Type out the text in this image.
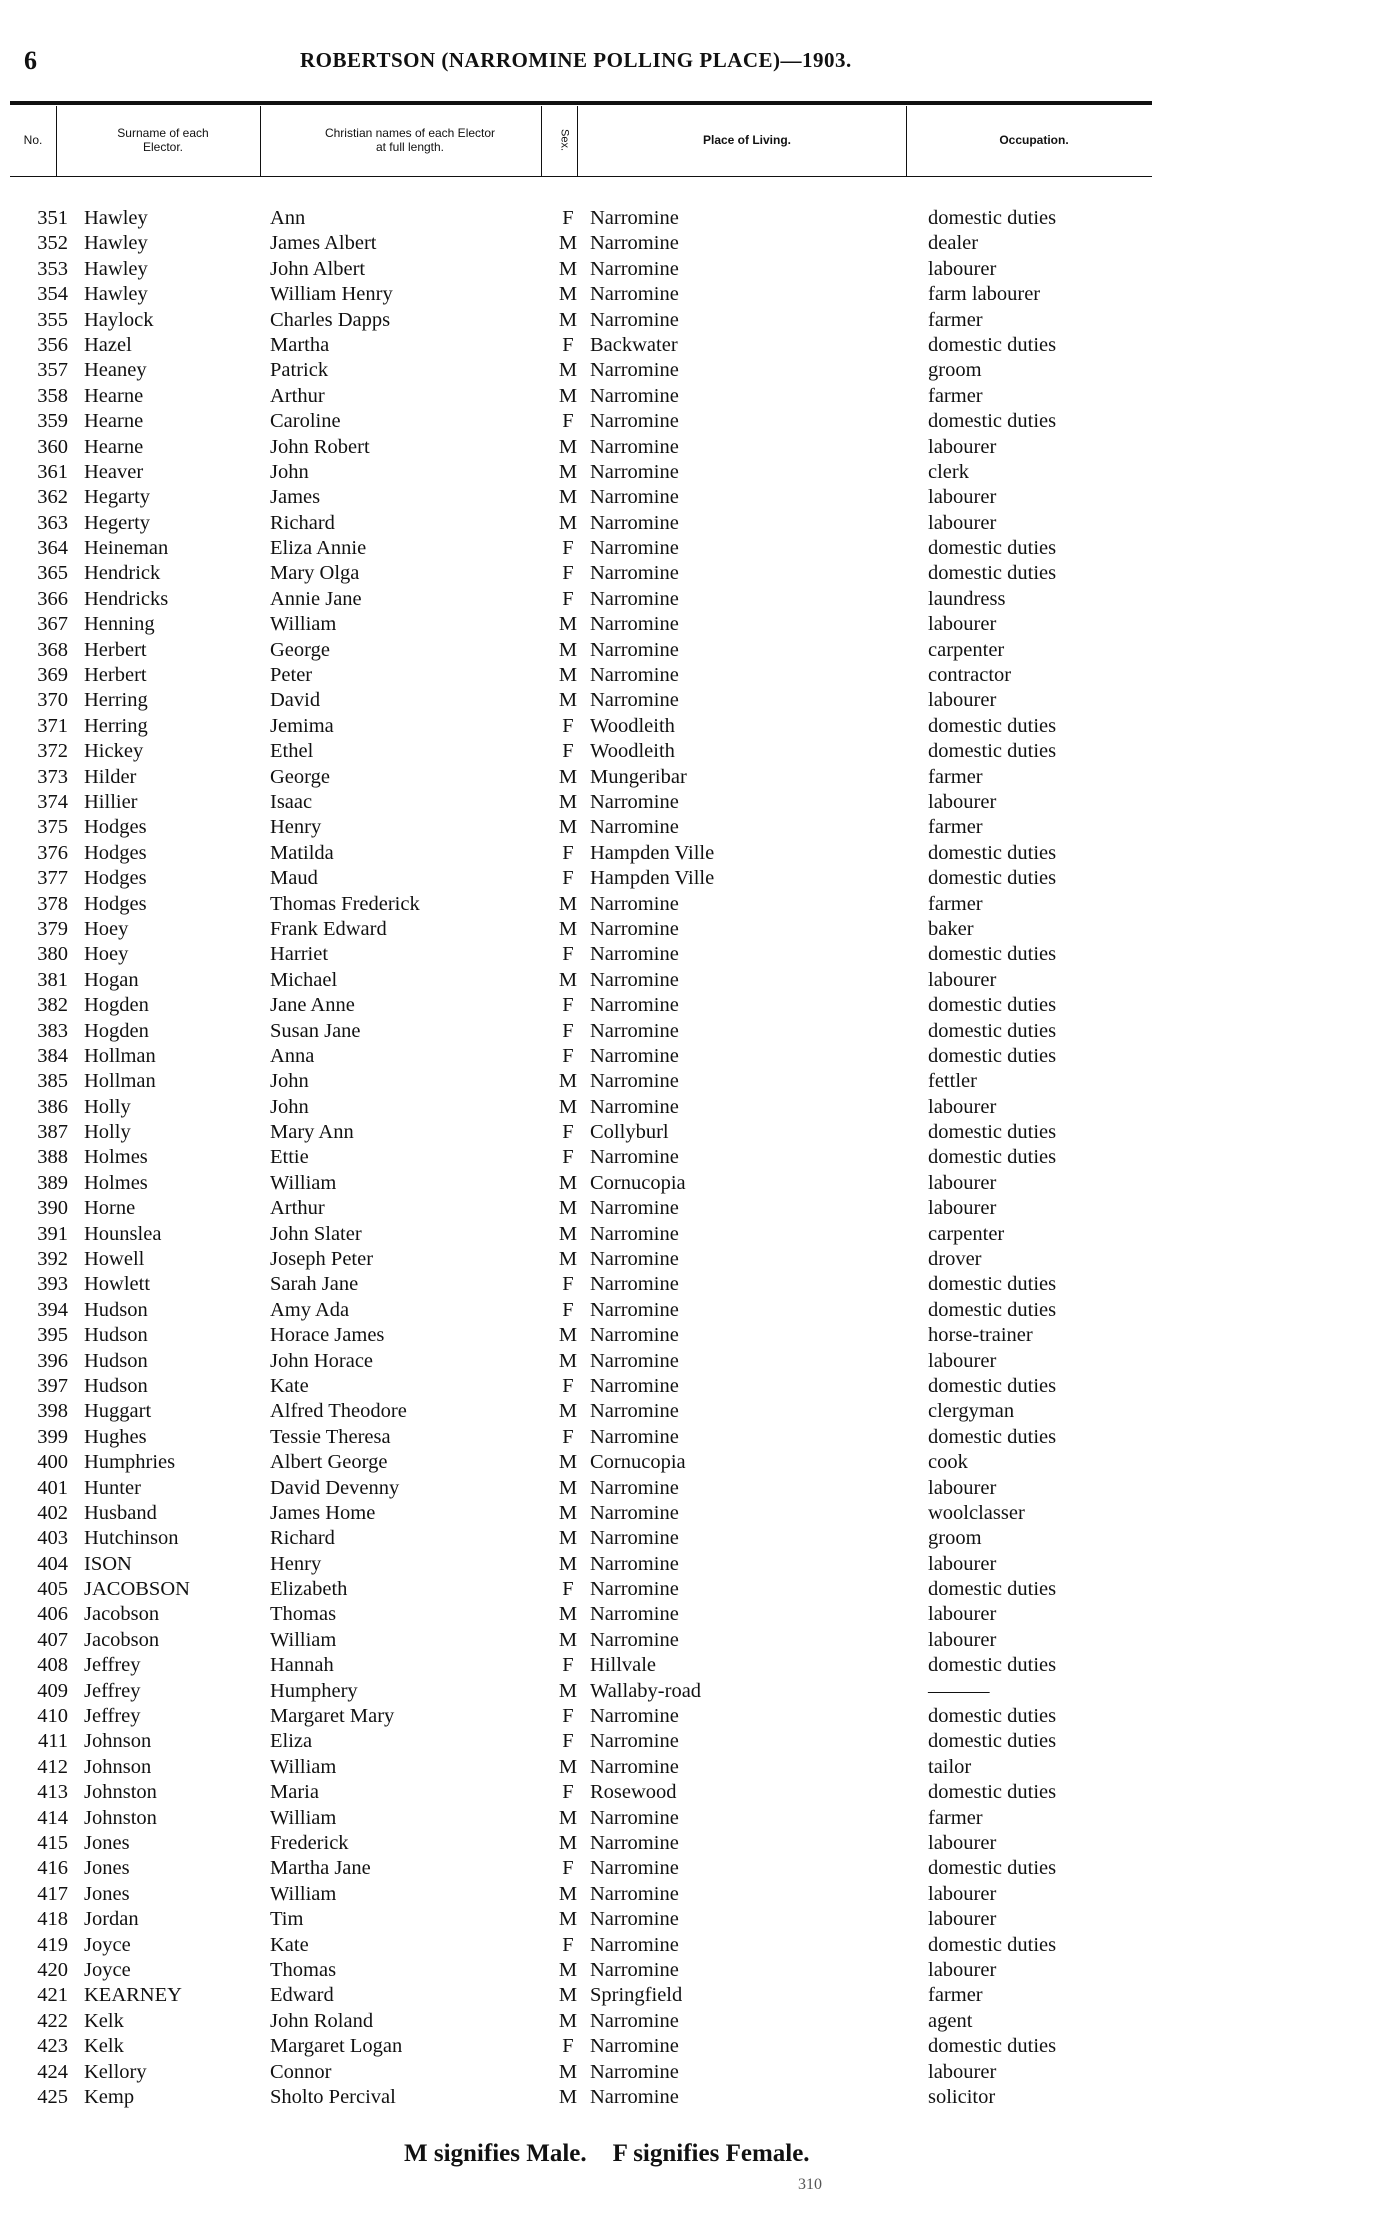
6	ROBERTSON (NARROMINE POLLING PLACE)—1903.
No.	Surname of each
Elector.
Christian names of each Elector
at full length.	Sex.	Place of Living.	Occupation.
351 Hawley	Ann	F Narromine	domestic duties
352 Hawley	James Albert	M Narromine	dealer
353 Hawley	John Albert	M Narromine	labourer
354 Hawley	William Henry	M Narromine	farm labourer
355 Haylock	Charles Dapps	M Narromine	farmer
356 Hazel	Martha	F Backwater	domestic duties
357 Heaney	Patrick	M Narromine	groom
358 Hearne	Arthur	M Narromine	farmer
359 Hearne	Caroline	F Narromine	domestic duties
360 Hearne	John Robert	M Narromine	labourer
361 Heaver	John	M Narromine	clerk
362 Hegarty	James	M Narromine	labourer
363 Hegerty	Richard	M Narromine	labourer
364 Heineman	Eliza Annie	F Narromine	domestic duties
365 Hendrick	Mary Olga	F Narromine	domestic duties
366 Hendricks	Annie Jane	F Narromine	laundress
367 Henning	William	M Narromine	labourer
368 Herbert	George	M Narromine	carpenter
369 Herbert	Peter	M Narromine	contractor
370 Herring	David	M Narromine	labourer
371 Herring	Jemima	F Woodleith	domestic duties
372 Hickey	Ethel	F Woodleith	domestic duties
373 Hilder	George	M Mungeribar	farmer
374 Hillier	Isaac	M Narromine	labourer
375 Hodges	Henry	M Narromine	farmer
376 Hodges	Matilda	F Hampden Ville	domestic duties
377 Hodges	Maud	F Hampden Ville	domestic duties
378 Hodges	Thomas Frederick	M Narromine	farmer
379 Hoey	Frank Edward	M Narromine	baker
380 Hoey	Harriet	F Narromine	domestic duties
381 Hogan	Michael	M Narromine	labourer
382 Hogden	Jane Anne	F Narromine	domestic duties
383 Hogden	Susan Jane	F Narromine	domestic duties
384 Hollman	Anna	F Narromine	domestic duties
385 Hollman	John	M Narromine	fettler
386 Holly	John	M Narromine	labourer
387 Holly	Mary Ann	F Collyburl	domestic duties
388 Holmes	Ettie	F Narromine	domestic duties
389 Holmes	William	M Cornucopia	labourer
390 Horne	Arthur	M Narromine	labourer
391 Hounslea	John Slater	M Narromine	carpenter
392 Howell	Joseph Peter	M Narromine	drover
393 Howlett	Sarah Jane	F Narromine	domestic duties
394 Hudson	Amy Ada	F Narromine	domestic duties
395 Hudson	Horace James	M Narromine	horse-trainer
396 Hudson	John Horace	M Narromine	labourer
397 Hudson	Kate	F Narromine	domestic duties
398 Huggart	Alfred Theodore	M Narromine	clergyman
399 Hughes	Tessie Theresa	F Narromine	domestic duties
400 Humphries	Albert George	M Cornucopia	cook
401 Hunter	David Devenny	M Narromine	labourer
402 Husband	James Home	M Narromine	woolclasser
403 Hutchinson	Richard	M Narromine	groom
404 ISON	Henry	M Narromine	labourer
405 JACOBSON	Elizabeth	F Narromine	domestic duties
406 Jacobson	Thomas	M Narromine	labourer
407 Jacobson	William	M Narromine	labourer
408 Jeffrey	Hannah	F Hillvale	domestic duties
409 Jeffrey	Humphery	M Wallaby-road	———
410 Jeffrey	Margaret Mary	F Narromine	domestic duties
411 Johnson	Eliza	F Narromine	domestic duties
412 Johnson	William	M Narromine	tailor
413 Johnston	Maria	F Rosewood	domestic duties
414 Johnston	William	M Narromine	farmer
415 Jones	Frederick	M Narromine	labourer
416 Jones	Martha Jane	F Narromine	domestic duties
417 Jones	William	M Narromine	labourer
418 Jordan	Tim	M Narromine	labourer
419 Joyce	Kate	F Narromine	domestic duties
420 Joyce	Thomas	M Narromine	labourer
421 KEARNEY	Edward	M Springfield	farmer
422 Kelk	John Roland	M Narromine	agent
423 Kelk	Margaret Logan	F Narromine	domestic duties
424 Kellory	Connor	M Narromine	labourer
425 Kemp	Sholto Percival	M Narromine	solicitor
M signifies Male. F signifies Female.
310
